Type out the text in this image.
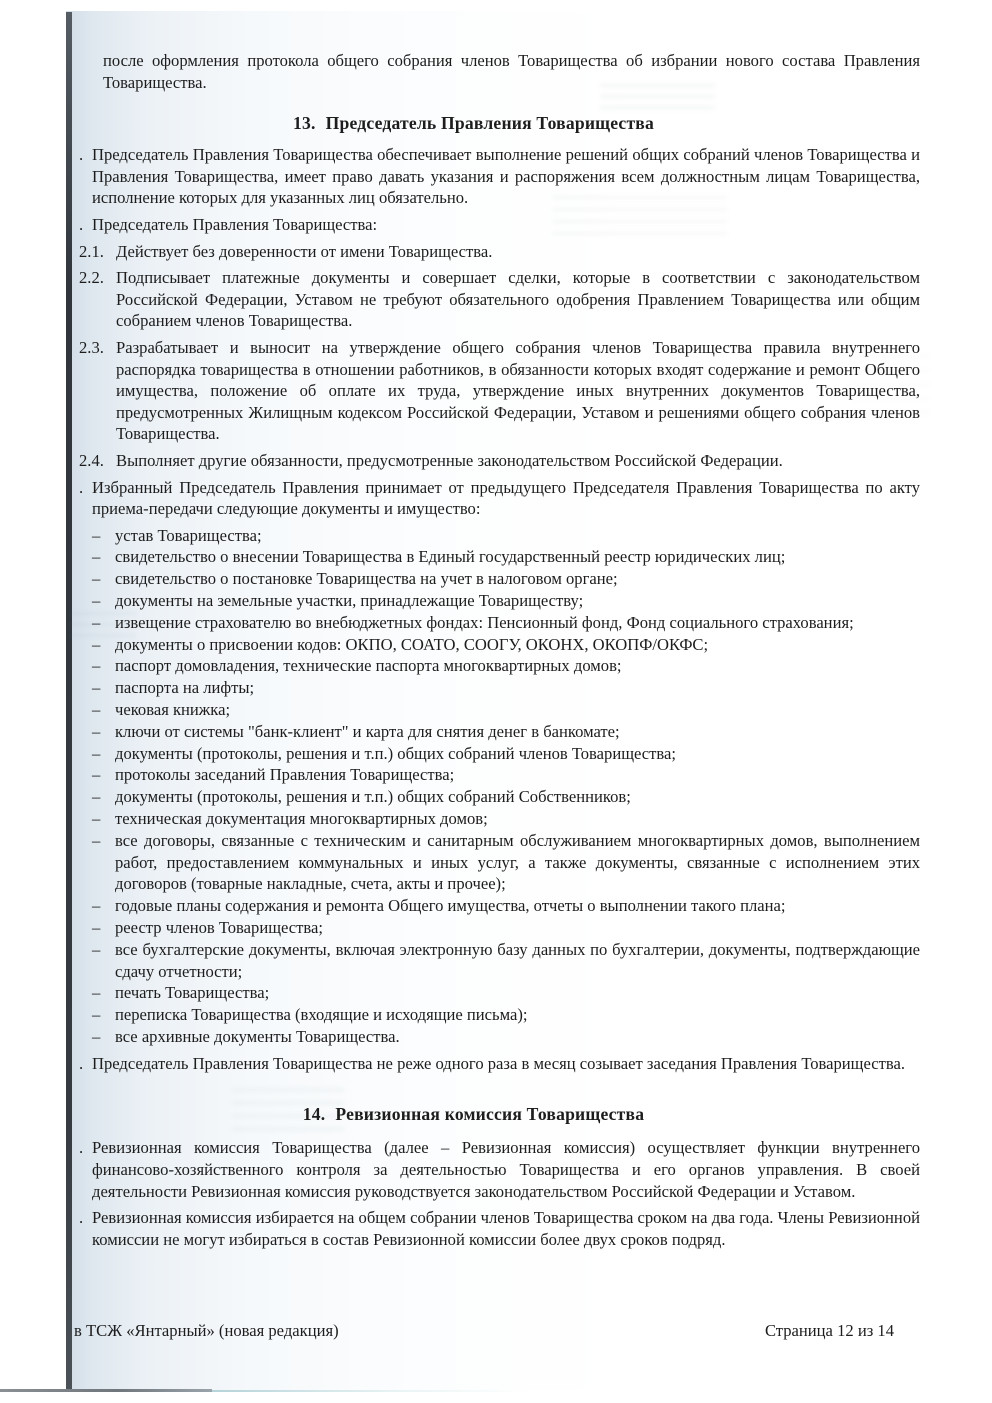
после оформления протокола общего собрания членов Товарищества об избрании нового состава Правления Товарищества.

13. Председатель Правления Товарищества
. Председатель Правления Товарищества обеспечивает выполнение решений общих собраний членов Товарищества и Правления Товарищества, имеет право давать указания и распоряжения всем должностным лицам Товарищества, исполнение которых для указанных лиц обязательно.
. Председатель Правления Товарищества:
2.1. Действует без доверенности от имени Товарищества.
2.2. Подписывает платежные документы и совершает сделки, которые в соответствии с законодательством Российской Федерации, Уставом не требуют обязательного одобрения Правлением Товарищества или общим собранием членов Товарищества.
2.3. Разрабатывает и выносит на утверждение общего собрания членов Товарищества правила внутреннего распорядка товарищества в отношении работников, в обязанности которых входят содержание и ремонт Общего имущества, положение об оплате их труда, утверждение иных внутренних документов Товарищества, предусмотренных Жилищным кодексом Российской Федерации, Уставом и решениями общего собрания членов Товарищества.
2.4. Выполняет другие обязанности, предусмотренные законодательством Российской Федерации.
. Избранный Председатель Правления принимает от предыдущего Председателя Правления Товарищества по акту приема-передачи следующие документы и имущество:
– устав Товарищества;
– свидетельство о внесении Товарищества в Единый государственный реестр юридических лиц;
– свидетельство о постановке Товарищества на учет в налоговом органе;
– документы на земельные участки, принадлежащие Товариществу;
– извещение страхователю во внебюджетных фондах: Пенсионный фонд, Фонд социального страхования;
– документы о присвоении кодов: ОКПО, СОАТО, СООГУ, ОКОНХ, ОКОПФ/ОКФС;
– паспорт домовладения, технические паспорта многоквартирных домов;
– паспорта на лифты;
– чековая книжка;
– ключи от системы "банк-клиент" и карта для снятия денег в банкомате;
– документы (протоколы, решения и т.п.) общих собраний членов Товарищества;
– протоколы заседаний Правления Товарищества;
– документы (протоколы, решения и т.п.) общих собраний Собственников;
– техническая документация многоквартирных домов;
– все договоры, связанные с техническим и санитарным обслуживанием многоквартирных домов, выполнением работ, предоставлением коммунальных и иных услуг, а также документы, связанные с исполнением этих договоров (товарные накладные, счета, акты и прочее);
– годовые планы содержания и ремонта Общего имущества, отчеты о выполнении такого плана;
– реестр членов Товарищества;
– все бухгалтерские документы, включая электронную базу данных по бухгалтерии, документы, подтверждающие сдачу отчетности;
– печать Товарищества;
– переписка Товарищества (входящие и исходящие письма);
– все архивные документы Товарищества.
. Председатель Правления Товарищества не реже одного раза в месяц созывает заседания Правления Товарищества.
14. Ревизионная комиссия Товарищества
. Ревизионная комиссия Товарищества (далее – Ревизионная комиссия) осуществляет функции внутреннего финансово-хозяйственного контроля за деятельностью Товарищества и его органов управления. В своей деятельности Ревизионная комиссия руководствуется законодательством Российской Федерации и Уставом.
. Ревизионная комиссия избирается на общем собрании членов Товарищества сроком на два года. Члены Ревизионной комиссии не могут избираться в состав Ревизионной комиссии более двух сроков подряд.
в ТСЖ «Янтарный» (новая редакция)	Страница 12 из 14
